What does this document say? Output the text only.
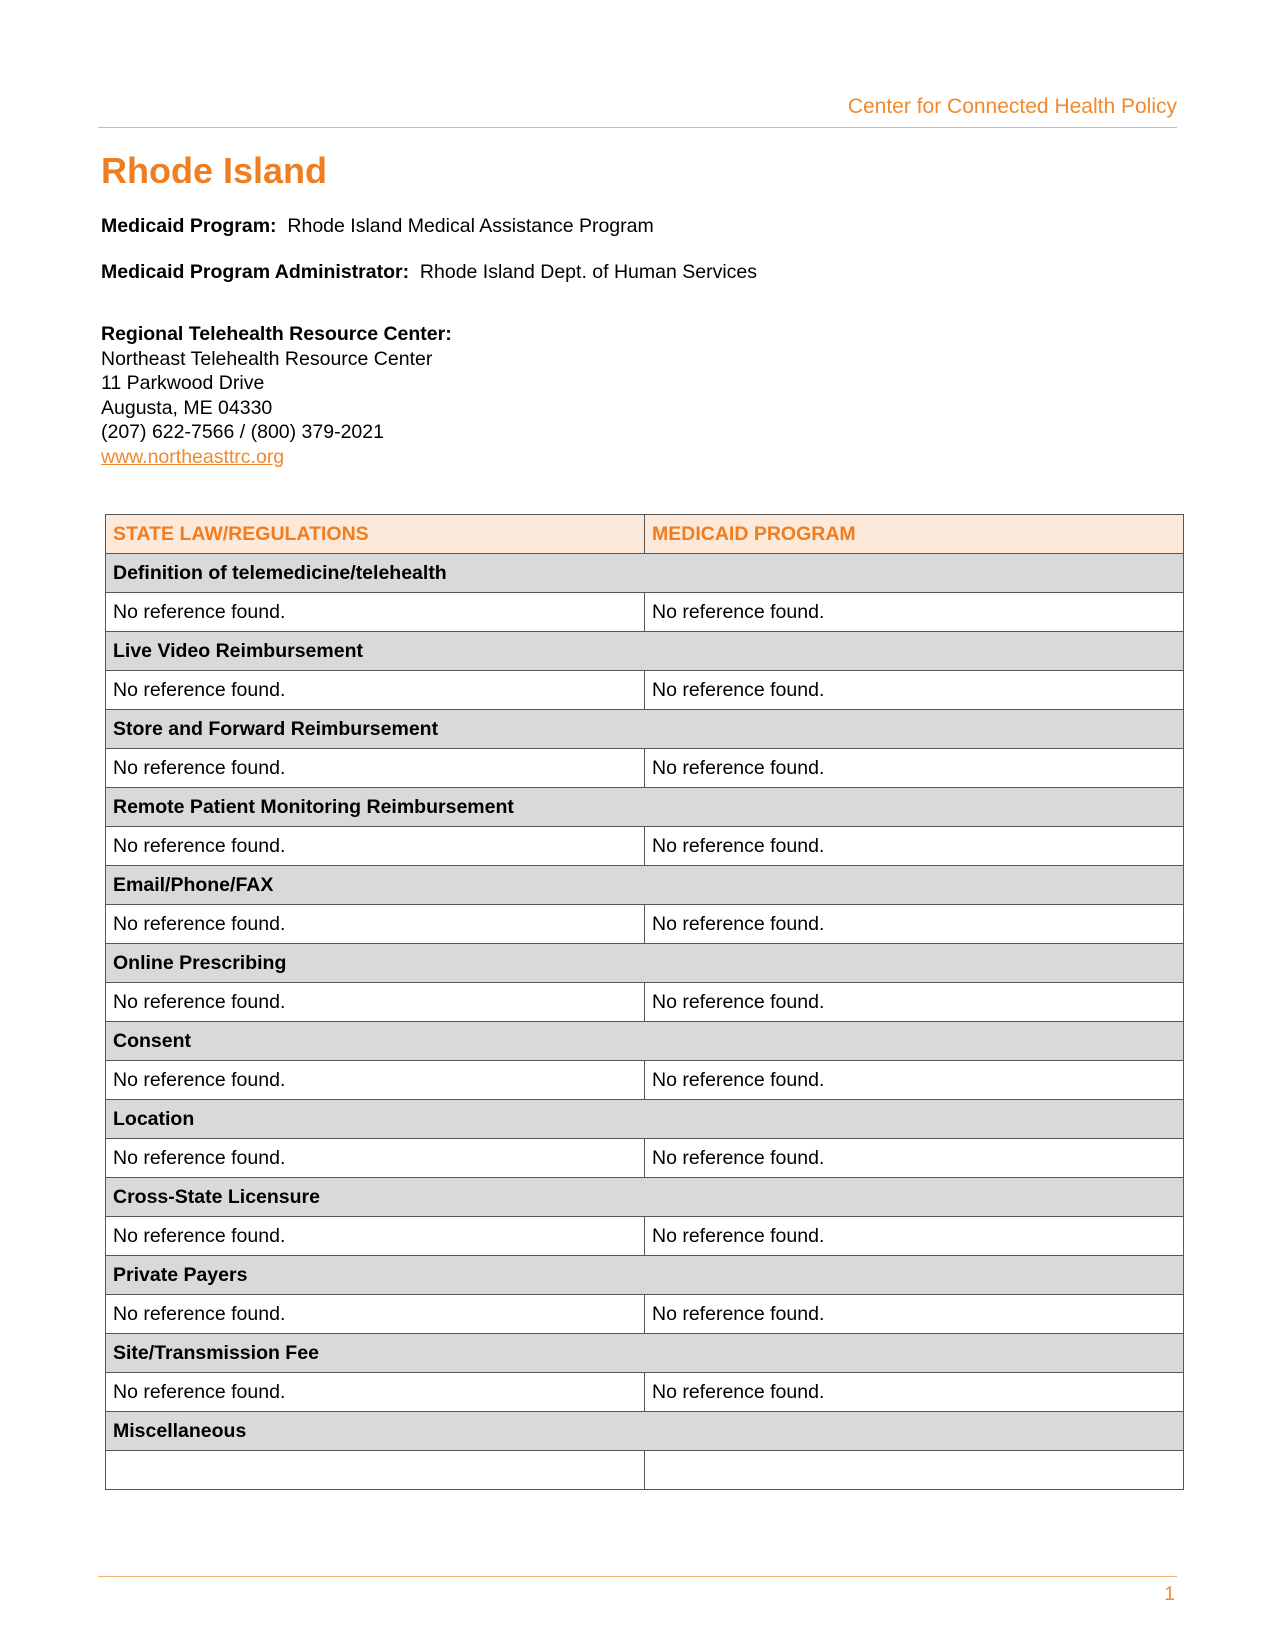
Center for Connected Health Policy
Rhode Island
Medicaid Program: Rhode Island Medical Assistance Program
Medicaid Program Administrator: Rhode Island Dept. of Human Services
Regional Telehealth Resource Center:
Northeast Telehealth Resource Center
11 Parkwood Drive
Augusta, ME 04330
(207) 622-7566 / (800) 379-2021
www.northeasttrc.org
STATE LAW/REGULATIONS	MEDICAID PROGRAM
Definition of telemedicine/telehealth	
No reference found.	No reference found.
Live Video Reimbursement	
No reference found.	No reference found.
Store and Forward Reimbursement	
No reference found.	No reference found.
Remote Patient Monitoring Reimbursement	
No reference found.	No reference found.
Email/Phone/FAX	
No reference found.	No reference found.
Online Prescribing	
No reference found.	No reference found.
Consent	
No reference found.	No reference found.
Location	
No reference found.	No reference found.
Cross-State Licensure	
No reference found.	No reference found.
Private Payers	
No reference found.	No reference found.
Site/Transmission Fee	
No reference found.	No reference found.
Miscellaneous	

1
